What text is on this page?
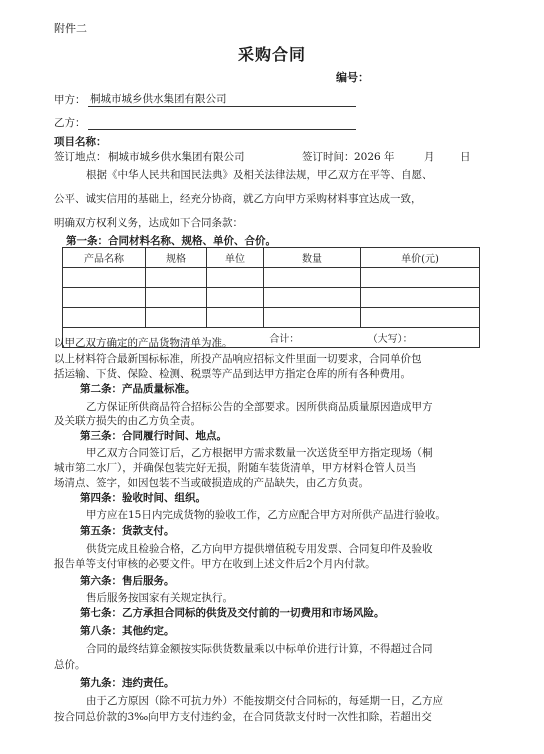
附件二
采购合同
编号：
甲方： 桐城市城乡供水集团有限公司
乙方：
项目名称：
签订地点： 桐城市城乡供水集团有限公司	签订时间： 2026 年	月 日
根据《中华人民共和国民法典》及相关法律法规，甲乙双方在平等、自愿、
公平、诚实信用的基础上，经充分协商，就乙方向甲方采购材料事宜达成一致，
明确双方权利义务，达成如下合同条款：
第一条：合同材料名称、规格、单价、合价。
产品名称	规格	单位	数量	单价(元)

合计： （大写）：				
以甲乙双方确定的产品货物清单为准。
以上材料符合最新国标标准，所投产品响应招标文件里面一切要求，合同单价包
括运输、下货、保险、检测、税票等产品到达甲方指定仓库的所有各种费用。
第二条：产品质量标准。
乙方保证所供商品符合招标公告的全部要求。因所供商品质量原因造成甲方
及关联方损失的由乙方负全责。
第三条：合同履行时间、地点。
甲乙双方合同签订后，乙方根据甲方需求数量一次送货至甲方指定现场（桐
城市第二水厂），并确保包装完好无损，附随车装货清单，甲方材料仓管人员当
场清点、签字，如因包装不当或破损造成的产品缺失，由乙方负责。
第四条：验收时间、组织。
甲方应在15日内完成货物的验收工作，乙方应配合甲方对所供产品进行验收。
第五条：货款支付。
供货完成且检验合格，乙方向甲方提供增值税专用发票、合同复印件及验收
报告单等支付审核的必要文件。甲方在收到上述文件后2个月内付款。
第六条：售后服务。
售后服务按国家有关规定执行。
第七条：乙方承担合同标的供货及交付前的一切费用和市场风险。
第八条：其他约定。
合同的最终结算金额按实际供货数量乘以中标单价进行计算，不得超过合同
总价。
第九条：违约责任。
由于乙方原因（除不可抗力外）不能按期交付合同标的，每延期一日，乙方应
按合同总价款的3‰向甲方支付违约金，在合同货款支付时一次性扣除，若超出交
